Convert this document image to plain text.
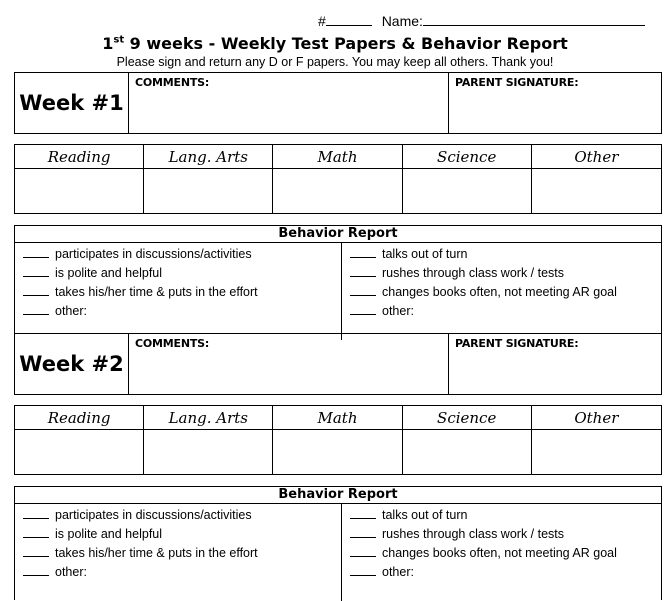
#	Name:
1st 9 weeks - Weekly Test Papers & Behavior Report
Please sign and return any D or F papers. You may keep all others. Thank you!
Week #1
COMMENTS:	PARENT SIGNATURE:
Reading	Lang. Arts	Math	Science	Other
Behavior Report
participates in discussions/activities
is polite and helpful
takes his/her time & puts in the effort
other:
talks out of turn
rushes through class work / tests
changes books often, not meeting AR goal
other:
Week #2
COMMENTS:	PARENT SIGNATURE:
Reading	Lang. Arts	Math	Science	Other
Behavior Report
participates in discussions/activities
is polite and helpful
takes his/her time & puts in the effort
other:
talks out of turn
rushes through class work / tests
changes books often, not meeting AR goal
other:
